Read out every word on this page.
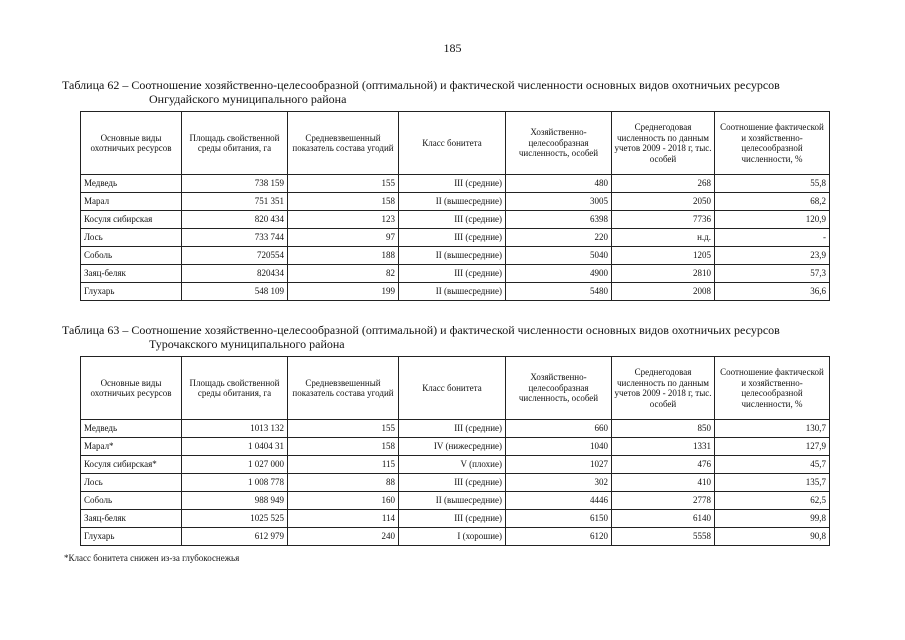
185
Таблица 62 – Соотношение хозяйственно-целесообразной (оптимальной) и фактической численности основных видов охотничьих ресурсов
Онгудайского муниципального района
Основные виды охотничьих ресурсов	Площадь свойственной среды обитания, га	Средневзвешенный показатель состава угодий	Класс бонитета	Хозяйственно-целесообразная численность, особей	Среднегодовая численность по данным учетов 2009 - 2018 г, тыс. особей	Соотношение фактической и хозяйственно-целесообразной численности, %
Медведь	738 159	155	III (средние)	480	268	55,8
Марал	751 351	158	II (вышесредние)	3005	2050	68,2
Косуля сибирская	820 434	123	III (средние)	6398	7736	120,9
Лось	733 744	97	III (средние)	220	н.д.	-
Соболь	720554	188	II (вышесредние)	5040	1205	23,9
Заяц-беляк	820434	82	III (средние)	4900	2810	57,3
Глухарь	548 109	199	II (вышесредние)	5480	2008	36,6
Таблица 63 – Соотношение хозяйственно-целесообразной (оптимальной) и фактической численности основных видов охотничьих ресурсов
Турочакского муниципального района
Основные виды охотничьих ресурсов	Площадь свойственной среды обитания, га	Средневзвешенный показатель состава угодий	Класс бонитета	Хозяйственно-целесообразная численность, особей	Среднегодовая численность по данным учетов 2009 - 2018 г, тыс. особей	Соотношение фактической и хозяйственно-целесообразной численности, %
Медведь	1013 132	155	III (средние)	660	850	130,7
Марал*	1 0404 31	158	IV (нижесредние)	1040	1331	127,9
Косуля сибирская*	1 027 000	115	V (плохие)	1027	476	45,7
Лось	1 008 778	88	III (средние)	302	410	135,7
Соболь	988 949	160	II (вышесредние)	4446	2778	62,5
Заяц-беляк	1025 525	114	III (средние)	6150	6140	99,8
Глухарь	612 979	240	I (хорошие)	6120	5558	90,8
*Класс бонитета снижен из-за глубокоснежья
